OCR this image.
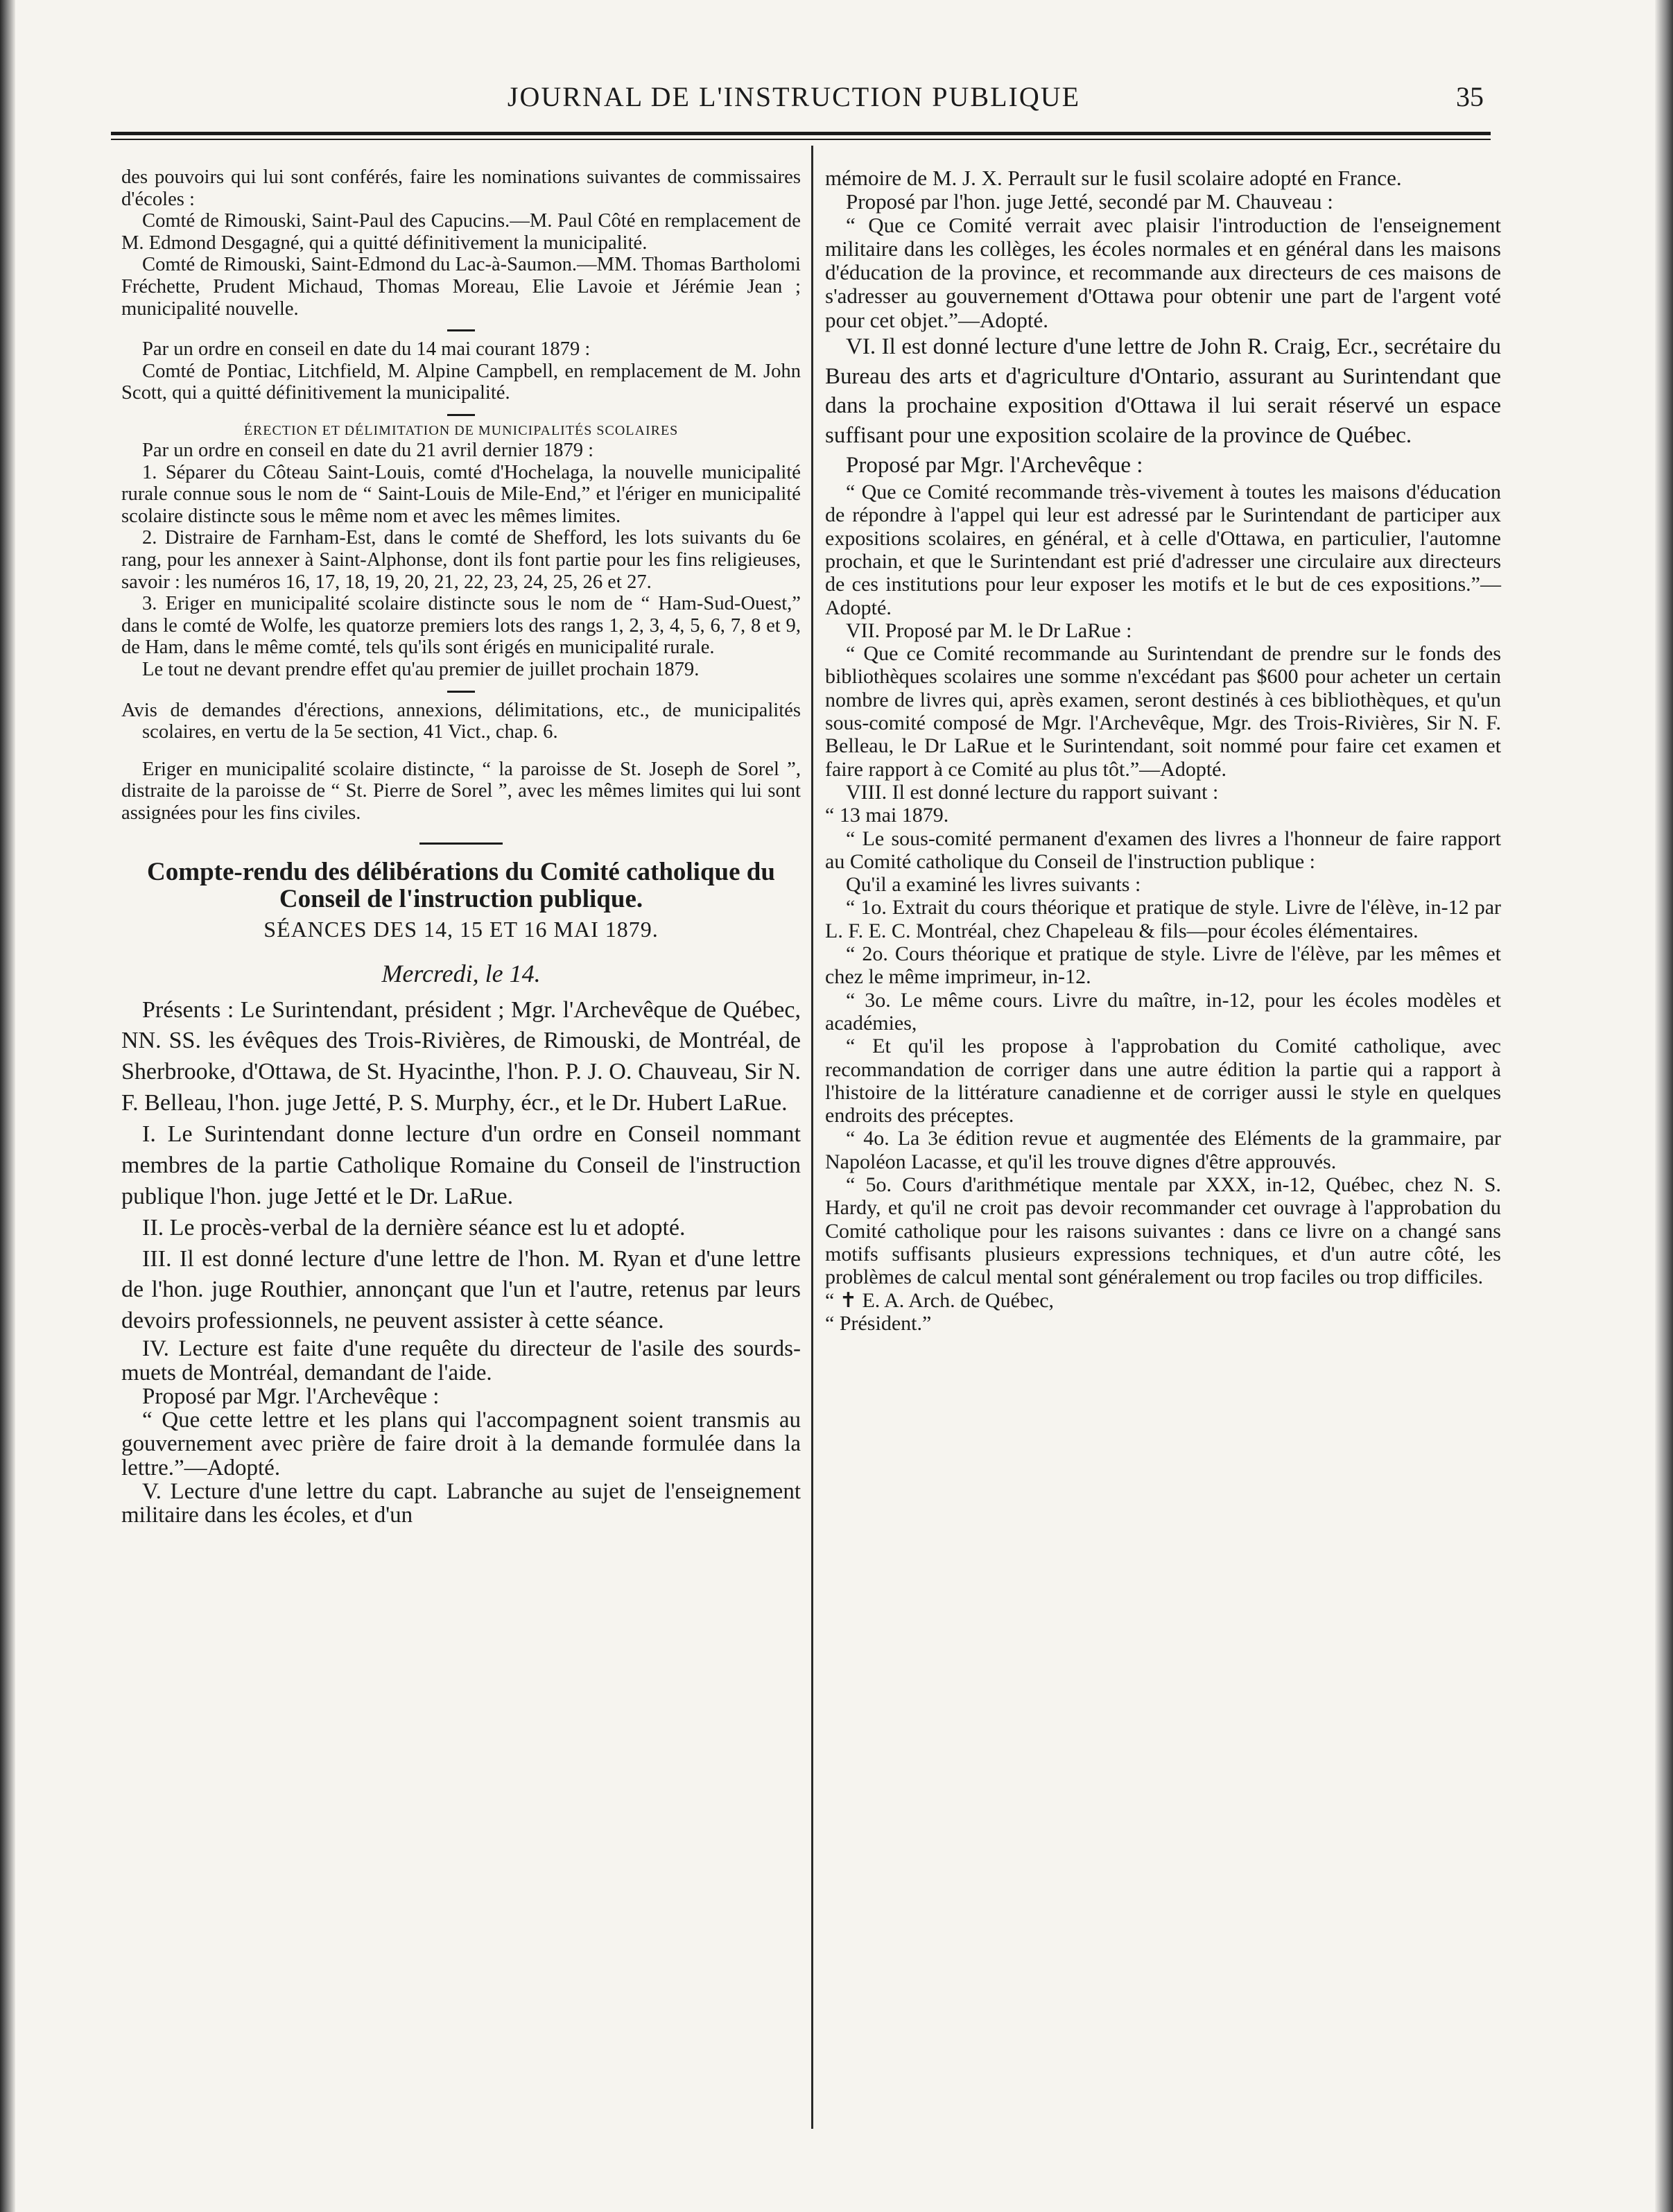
JOURNAL DE L'INSTRUCTION PUBLIQUE	35

des pouvoirs qui lui sont conférés, faire les nominations suivantes de commissaires d'écoles :

Comté de Rimouski, Saint-Paul des Capucins.—M. Paul Côté en remplacement de M. Edmond Desgagné, qui a quitté définitivement la municipalité.

Comté de Rimouski, Saint-Edmond du Lac-à-Saumon.—MM. Thomas Bartholomi Fréchette, Prudent Michaud, Thomas Moreau, Elie Lavoie et Jérémie Jean ; municipalité nouvelle.

Par un ordre en conseil en date du 14 mai courant 1879 :

Comté de Pontiac, Litchfield, M. Alpine Campbell, en remplacement de M. John Scott, qui a quitté définitivement la municipalité.

ÉRECTION ET DÉLIMITATION DE MUNICIPALITÉS SCOLAIRES

Par un ordre en conseil en date du 21 avril dernier 1879 :

1. Séparer du Côteau Saint-Louis, comté d'Hochelaga, la nouvelle municipalité rurale connue sous le nom de “ Saint-Louis de Mile-End,” et l'ériger en municipalité scolaire distincte sous le même nom et avec les mêmes limites.

2. Distraire de Farnham-Est, dans le comté de Shefford, les lots suivants du 6e rang, pour les annexer à Saint-Alphonse, dont ils font partie pour les fins religieuses, savoir : les numéros 16, 17, 18, 19, 20, 21, 22, 23, 24, 25, 26 et 27.

3. Eriger en municipalité scolaire distincte sous le nom de “ Ham-Sud-Ouest,” dans le comté de Wolfe, les quatorze premiers lots des rangs 1, 2, 3, 4, 5, 6, 7, 8 et 9, de Ham, dans le même comté, tels qu'ils sont érigés en municipalité rurale.

Le tout ne devant prendre effet qu'au premier de juillet prochain 1879.

Avis de demandes d'érections, annexions, délimitations, etc., de municipalités scolaires, en vertu de la 5e section, 41 Vict., chap. 6.

Eriger en municipalité scolaire distincte, “ la paroisse de St. Joseph de Sorel ”, distraite de la paroisse de “ St. Pierre de Sorel ”, avec les mêmes limites qui lui sont assignées pour les fins civiles.

Compte-rendu des délibérations du Comité catholique du Conseil de l'instruction publique.
SÉANCES DES 14, 15 ET 16 MAI 1879.
Mercredi, le 14.

Présents : Le Surintendant, président ; Mgr. l'Archevêque de Québec, NN. SS. les évêques des Trois-Rivières, de Rimouski, de Montréal, de Sherbrooke, d'Ottawa, de St. Hyacinthe, l'hon. P. J. O. Chauveau, Sir N. F. Belleau, l'hon. juge Jetté, P. S. Murphy, écr., et le Dr. Hubert LaRue.

I. Le Surintendant donne lecture d'un ordre en Conseil nommant membres de la partie Catholique Romaine du Conseil de l'instruction publique l'hon. juge Jetté et le Dr. LaRue.

II. Le procès-verbal de la dernière séance est lu et adopté.

III. Il est donné lecture d'une lettre de l'hon. M. Ryan et d'une lettre de l'hon. juge Routhier, annonçant que l'un et l'autre, retenus par leurs devoirs professionnels, ne peuvent assister à cette séance.

IV. Lecture est faite d'une requête du directeur de l'asile des sourds-muets de Montréal, demandant de l'aide.

Proposé par Mgr. l'Archevêque :

“ Que cette lettre et les plans qui l'accompagnent soient transmis au gouvernement avec prière de faire droit à la demande formulée dans la lettre.”—Adopté.

V. Lecture d'une lettre du capt. Labranche au sujet de l'enseignement militaire dans les écoles, et d'un

mémoire de M. J. X. Perrault sur le fusil scolaire adopté en France.

Proposé par l'hon. juge Jetté, secondé par M. Chauveau :

“ Que ce Comité verrait avec plaisir l'introduction de l'enseignement militaire dans les collèges, les écoles normales et en général dans les maisons d'éducation de la province, et recommande aux directeurs de ces maisons de s'adresser au gouvernement d'Ottawa pour obtenir une part de l'argent voté pour cet objet.”—Adopté.

VI. Il est donné lecture d'une lettre de John R. Craig, Ecr., secrétaire du Bureau des arts et d'agriculture d'Ontario, assurant au Surintendant que dans la prochaine exposition d'Ottawa il lui serait réservé un espace suffisant pour une exposition scolaire de la province de Québec.

Proposé par Mgr. l'Archevêque :

“ Que ce Comité recommande très-vivement à toutes les maisons d'éducation de répondre à l'appel qui leur est adressé par le Surintendant de participer aux expositions scolaires, en général, et à celle d'Ottawa, en particulier, l'automne prochain, et que le Surintendant est prié d'adresser une circulaire aux directeurs de ces institutions pour leur exposer les motifs et le but de ces expositions.”—Adopté.

VII. Proposé par M. le Dr LaRue :

“ Que ce Comité recommande au Surintendant de prendre sur le fonds des bibliothèques scolaires une somme n'excédant pas $600 pour acheter un certain nombre de livres qui, après examen, seront destinés à ces bibliothèques, et qu'un sous-comité composé de Mgr. l'Archevêque, Mgr. des Trois-Rivières, Sir N. F. Belleau, le Dr LaRue et le Surintendant, soit nommé pour faire cet examen et faire rapport à ce Comité au plus tôt.”—Adopté.

VIII. Il est donné lecture du rapport suivant :

“ 13 mai 1879.

“ Le sous-comité permanent d'examen des livres a l'honneur de faire rapport au Comité catholique du Conseil de l'instruction publique :

Qu'il a examiné les livres suivants :

“ 1o. Extrait du cours théorique et pratique de style. Livre de l'élève, in-12 par L. F. E. C. Montréal, chez Chapeleau & fils—pour écoles élémentaires.

“ 2o. Cours théorique et pratique de style. Livre de l'élève, par les mêmes et chez le même imprimeur, in-12.

“ 3o. Le même cours. Livre du maître, in-12, pour les écoles modèles et académies,

“ Et qu'il les propose à l'approbation du Comité catholique, avec recommandation de corriger dans une autre édition la partie qui a rapport à l'histoire de la littérature canadienne et de corriger aussi le style en quelques endroits des préceptes.

“ 4o. La 3e édition revue et augmentée des Eléments de la grammaire, par Napoléon Lacasse, et qu'il les trouve dignes d'être approuvés.

“ 5o. Cours d'arithmétique mentale par XXX, in-12, Québec, chez N. S. Hardy, et qu'il ne croit pas devoir recommander cet ouvrage à l'approbation du Comité catholique pour les raisons suivantes : dans ce livre on a changé sans motifs suffisants plusieurs expressions techniques, et d'un autre côté, les problèmes de calcul mental sont généralement ou trop faciles ou trop difficiles.

“ ✝ E. A. Arch. de Québec,

“ Président.”
